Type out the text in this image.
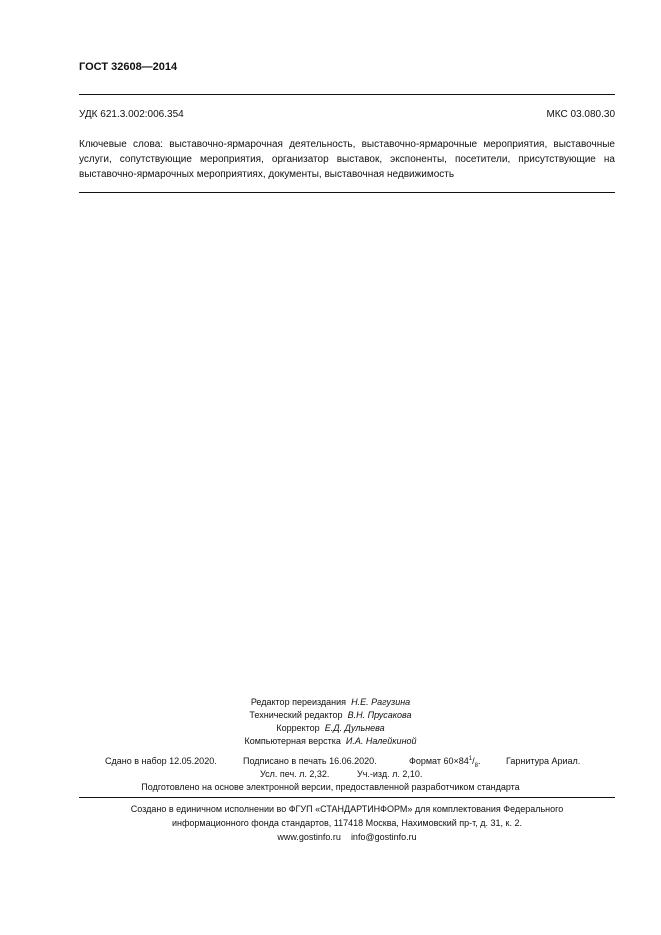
ГОСТ 32608—2014
УДК 621.3.002:006.354	МКС 03.080.30
Ключевые слова: выставочно-ярмарочная деятельность, выставочно-ярмарочные мероприятия, выставочные услуги, сопутствующие мероприятия, организатор выставок, экспоненты, посетители, присутствующие на выставочно-ярмарочных мероприятиях, документы, выставочная недвижимость
Редактор переиздания Н.Е. Рагузина
Технический редактор В.Н. Прусакова
Корректор Е.Д. Дульнева
Компьютерная верстка И.А. Налейкиной
Сдано в набор 12.05.2020.	Подписано в печать 16.06.2020.	Формат $60\times 84^1/_8$.	Гарнитура Ариал.
Усл. печ. л. 2,32.	Уч.-изд. л. 2,10.
Подготовлено на основе электронной версии, предоставленной разработчиком стандарта
Создано в единичном исполнении во ФГУП «СТАНДАРТИНФОРМ» для комплектования Федерального
информационного фонда стандартов, 117418 Москва, Нахимовский пр-т, д. 31, к. 2.
www.gostinfo.ru info@gostinfo.ru
